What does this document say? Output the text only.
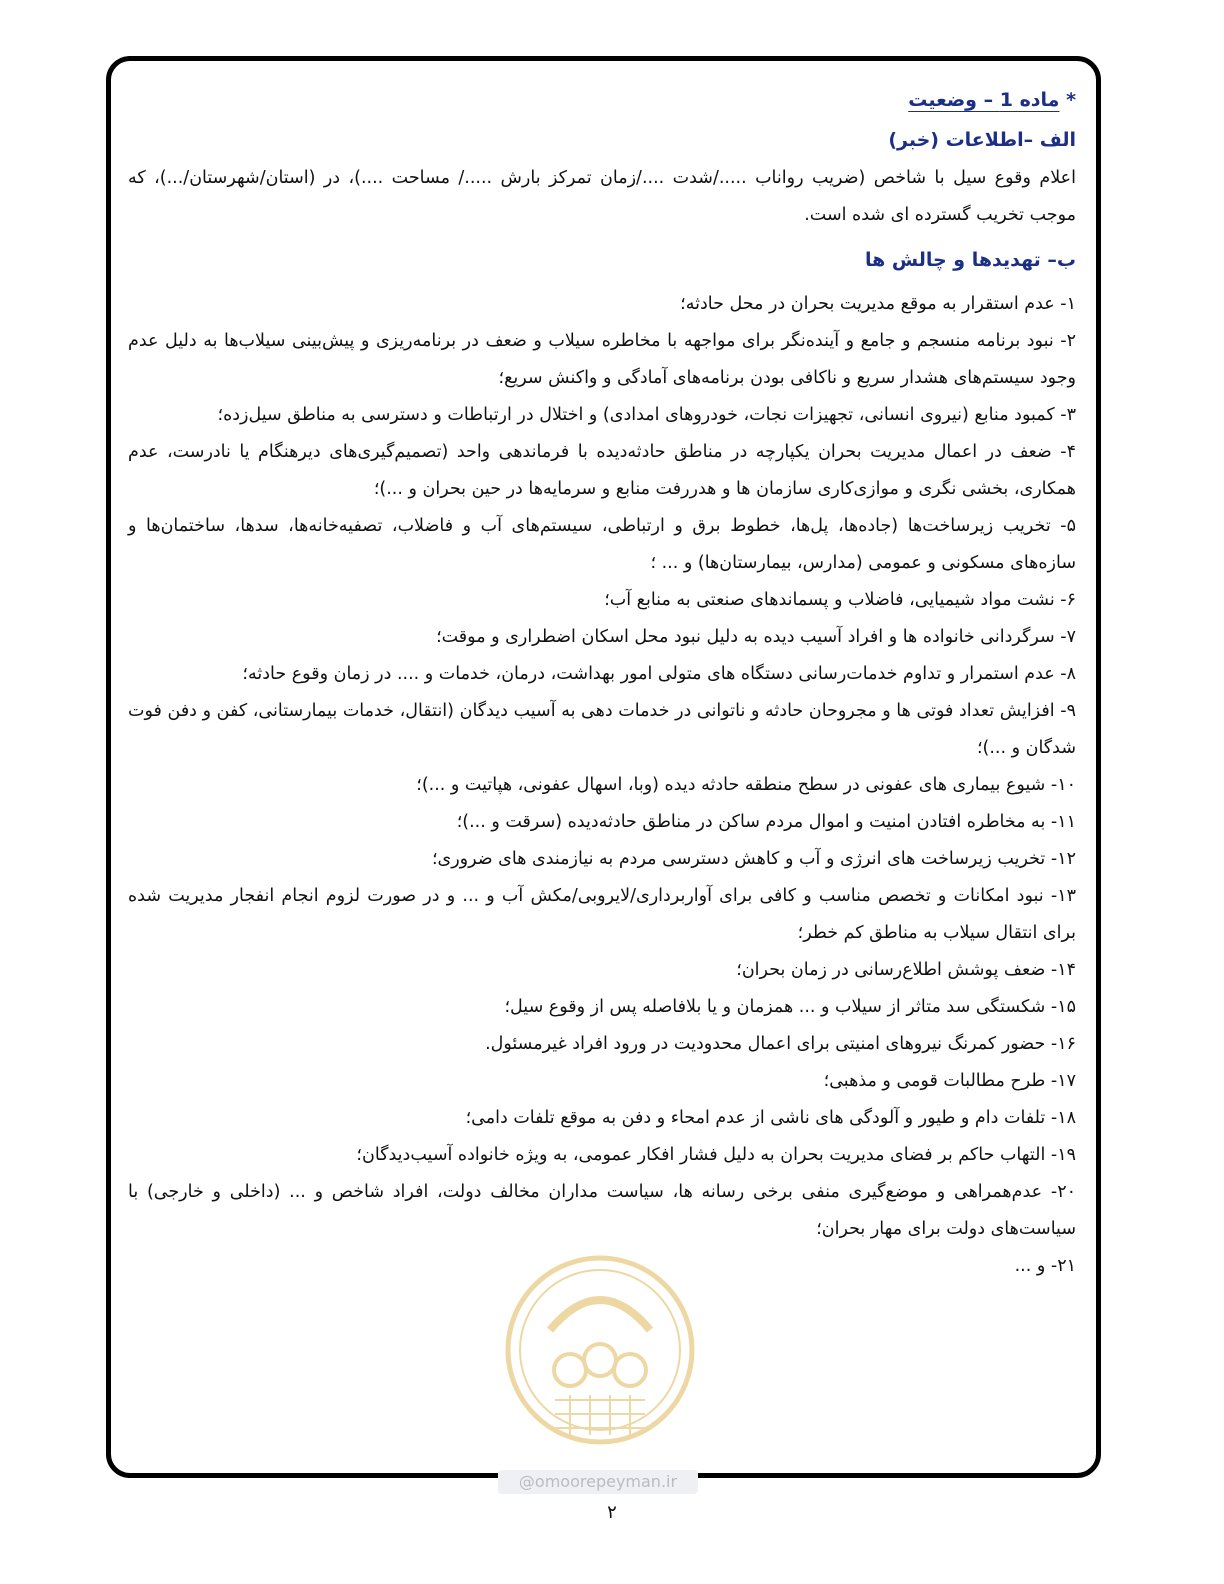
* ماده 1 – وضعیت
الف –اطلاعات (خبر)

اعلام وقوع سیل با شاخص (ضریب رواناب ...../شدت ..../زمان تمرکز بارش ...../ مساحت ....)، در (استان/شهرستان/...)، که موجب تخریب گسترده ای شده است.

ب– تهدیدها و چالش ها

۱- عدم استقرار به موقع مدیریت بحران در محل حادثه؛

۲- نبود برنامه منسجم و جامع و آینده‌نگر برای مواجهه با مخاطره سیلاب و ضعف در برنامه‌ریزی و پیش‌بینی سیلاب‌ها به دلیل عدم وجود سیستم‌های هشدار سریع و ناکافی بودن برنامه‌های آمادگی و واکنش سریع؛

۳- کمبود منابع (نیروی انسانی، تجهیزات نجات، خودروهای امدادی) و اختلال در ارتباطات و دسترسی به مناطق سیل‌زده؛

۴- ضعف در اعمال مدیریت بحران یکپارچه در مناطق حادثه‌دیده با فرماندهی واحد (تصمیم‌گیری‌های دیرهنگام یا نادرست، عدم همکاری، بخشی نگری و موازی‌کاری سازمان ها و هدررفت منابع و سرمایه‌ها در حین بحران و ...)؛

۵- تخریب زیرساخت‌ها (جاده‌ها، پل‌ها، خطوط برق و ارتباطی، سیستم‌های آب و فاضلاب، تصفیه‌خانه‌ها، سدها، ساختمان‌ها و سازه‌های مسکونی و عمومی (مدارس، بیمارستان‌ها) و ... ؛

۶- نشت مواد شیمیایی، فاضلاب و پسماندهای صنعتی به منابع آب؛

۷- سرگردانی خانواده ها و افراد آسیب دیده به دلیل نبود محل اسکان اضطراری و موقت؛

۸- عدم استمرار و تداوم خدمات‌رسانی دستگاه های متولی امور بهداشت، درمان، خدمات و .... در زمان وقوع حادثه؛

۹- افزایش تعداد فوتی ها و مجروحان حادثه و ناتوانی در خدمات دهی به آسیب دیدگان (انتقال، خدمات بیمارستانی، کفن و دفن فوت شدگان و ...)؛

۱۰- شیوع بیماری های عفونی در سطح منطقه حادثه دیده (وبا، اسهال عفونی، هپاتیت و ...)؛

۱۱- به مخاطره افتادن امنیت و اموال مردم ساکن در مناطق حادثه‌دیده (سرقت و ...)؛

۱۲- تخریب زیرساخت های انرژی و آب و کاهش دسترسی مردم به نیازمندی های ضروری؛

۱۳- نبود امکانات و تخصص مناسب و کافی برای آواربرداری/لایروبی/مکش آب و ... و در صورت لزوم انجام انفجار مدیریت شده برای انتقال سیلاب به مناطق کم خطر؛

۱۴- ضعف پوشش اطلاع‌رسانی در زمان بحران؛

۱۵- شکستگی سد متاثر از سیلاب و ... همزمان و یا بلافاصله پس از وقوع سیل؛

۱۶- حضور کمرنگ نیروهای امنیتی برای اعمال محدودیت در ورود افراد غیرمسئول.

۱۷- طرح مطالبات قومی و مذهبی؛

۱۸- تلفات دام و طیور و آلودگی های ناشی از عدم امحاء و دفن به موقع تلفات دامی؛

۱۹- التهاب حاکم بر فضای مدیریت بحران به دلیل فشار افکار عمومی، به ویژه خانواده آسیب‌دیدگان؛

۲۰- عدم‌همراهی و موضع‌گیری منفی برخی رسانه ها، سیاست مداران مخالف دولت، افراد شاخص و ... (داخلی و خارجی) با سیاست‌های دولت برای مهار بحران؛

۲۱- و ...

@omoorepeyman.ir
۲
